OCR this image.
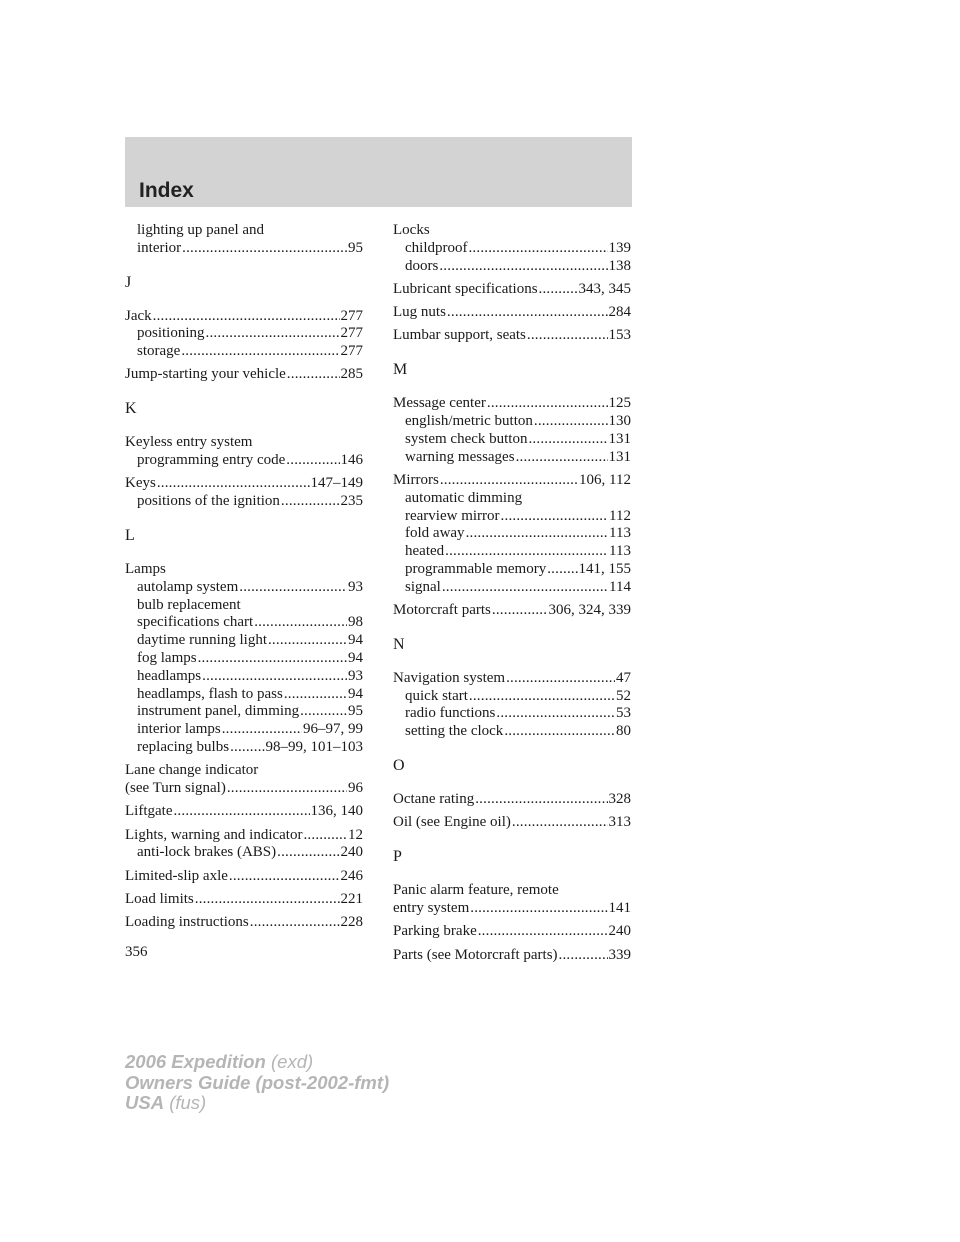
Index
lighting up panel and
interior .....	95
J
Jack .....	277
positioning .....	277
storage .....	277
Jump-starting your vehicle .....	285
K
Keyless entry system
programming entry code .....	146
Keys .....	147–149
positions of the ignition .....	235
L
Lamps
autolamp system .....	93
bulb replacement
specifications chart .....	98
daytime running light .....	94
fog lamps .....	94
headlamps .....	93
headlamps, flash to pass .....	94
instrument panel, dimming .....	95
interior lamps .....	96–97, 99
replacing bulbs ..... 98–99, 101–103
Lane change indicator
(see Turn signal) .....	96
Liftgate .....	136, 140
Lights, warning and indicator .....	12
anti-lock brakes (ABS) .....	240
Limited-slip axle .....	246
Load limits .....	221
Loading instructions .....	228
Locks
childproof .....	139
doors .....	138
Lubricant specifications .....	343, 345
Lug nuts .....	284
Lumbar support, seats .....	153
M
Message center .....	125
english/metric button .....	130
system check button .....	131
warning messages .....	131
Mirrors .....	106, 112
automatic dimming
rearview mirror .....	112
fold away .....	113
heated .....	113
programmable memory ..... 141, 155
signal .....	114
Motorcraft parts .....	306, 324, 339
N
Navigation system .....	47
quick start .....	52
radio functions .....	53
setting the clock .....	80
O
Octane rating .....	328
Oil (see Engine oil) .....	313
P
Panic alarm feature, remote
entry system .....	141
Parking brake .....	240
Parts (see Motorcraft parts) .....	339
356
2006 Expedition (exd)
Owners Guide (post-2002-fmt)
USA (fus)
